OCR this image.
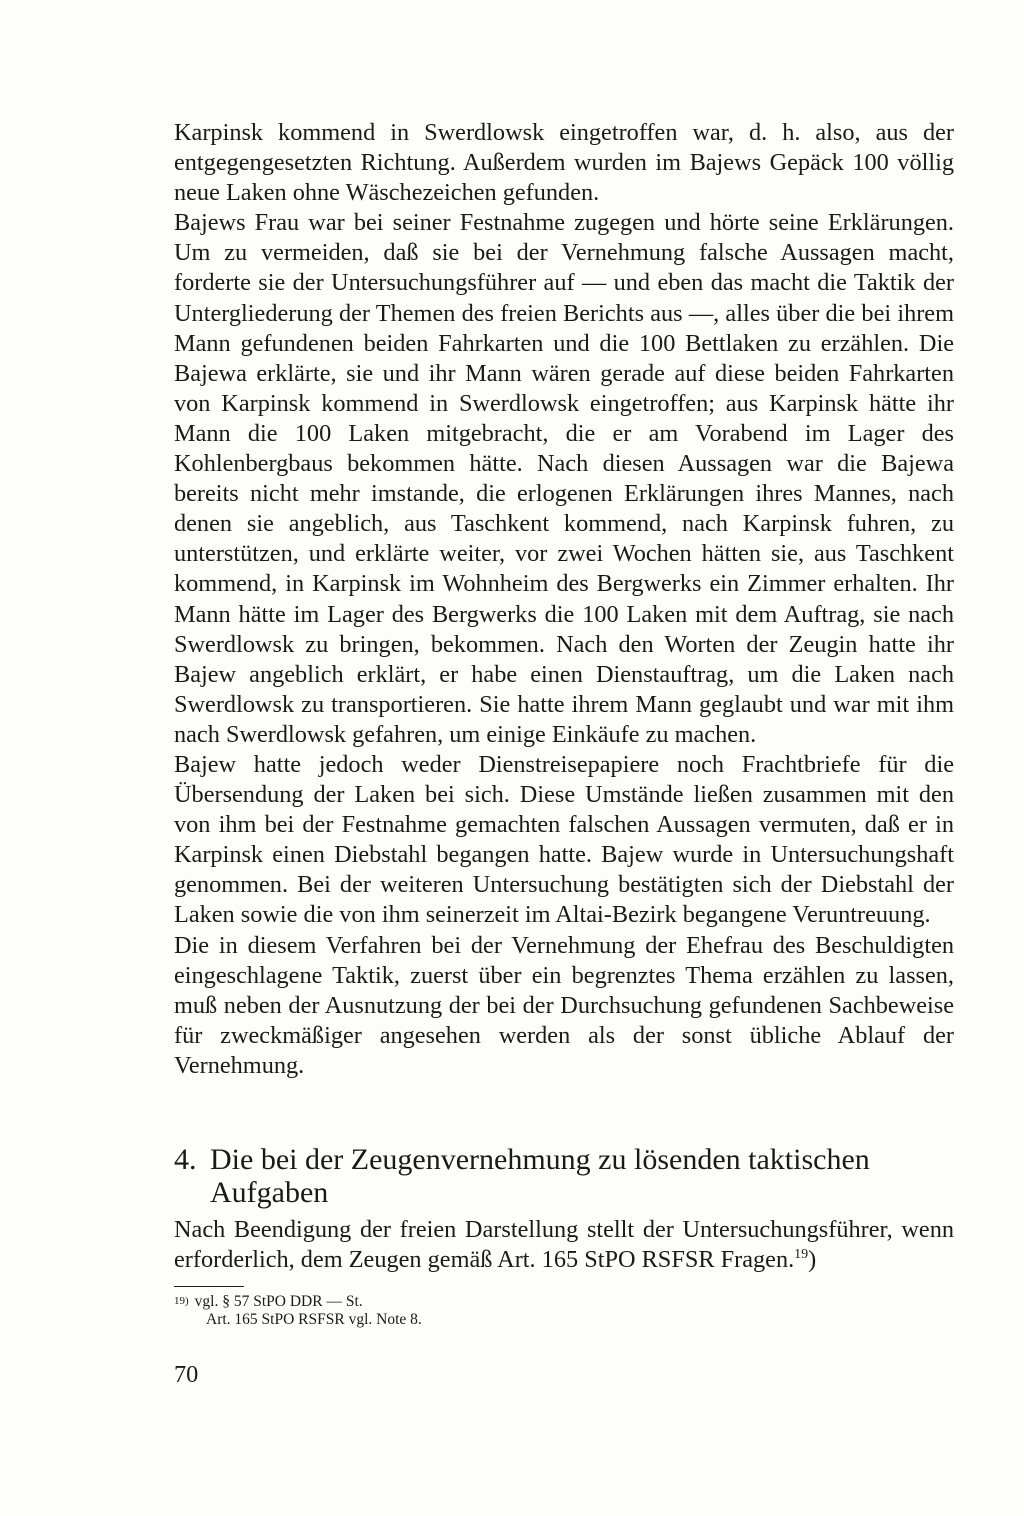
Karpinsk kommend in Swerdlowsk eingetroffen war, d. h. also, aus der entgegengesetzten Richtung. Außerdem wurden im Bajews Gepäck 100 völlig neue Laken ohne Wäschezeichen gefunden.

Bajews Frau war bei seiner Festnahme zugegen und hörte seine Erklärungen. Um zu vermeiden, daß sie bei der Vernehmung falsche Aussagen macht, forderte sie der Untersuchungsführer auf — und eben das macht die Taktik der Untergliederung der Themen des freien Berichts aus —, alles über die bei ihrem Mann gefundenen beiden Fahrkarten und die 100 Bettlaken zu erzählen. Die Bajewa erklärte, sie und ihr Mann wären gerade auf diese beiden Fahrkarten von Karpinsk kommend in Swerdlowsk eingetroffen; aus Karpinsk hätte ihr Mann die 100 Laken mitgebracht, die er am Vorabend im Lager des Kohlenbergbaus bekommen hätte. Nach diesen Aussagen war die Bajewa bereits nicht mehr imstande, die erlogenen Erklärungen ihres Mannes, nach denen sie angeblich, aus Taschkent kommend, nach Karpinsk fuhren, zu unterstützen, und erklärte weiter, vor zwei Wochen hätten sie, aus Taschkent kommend, in Karpinsk im Wohnheim des Bergwerks ein Zimmer erhalten. Ihr Mann hätte im Lager des Bergwerks die 100 Laken mit dem Auftrag, sie nach Swerdlowsk zu bringen, bekommen. Nach den Worten der Zeugin hatte ihr Bajew angeblich erklärt, er habe einen Dienstauftrag, um die Laken nach Swerdlowsk zu transportieren. Sie hatte ihrem Mann geglaubt und war mit ihm nach Swerdlowsk gefahren, um einige Einkäufe zu machen.

Bajew hatte jedoch weder Dienstreisepapiere noch Frachtbriefe für die Übersendung der Laken bei sich. Diese Umstände ließen zusammen mit den von ihm bei der Festnahme gemachten falschen Aussagen vermuten, daß er in Karpinsk einen Diebstahl begangen hatte. Bajew wurde in Untersuchungshaft genommen. Bei der weiteren Untersuchung bestätigten sich der Diebstahl der Laken sowie die von ihm seinerzeit im Altai-Bezirk begangene Veruntreuung.

Die in diesem Verfahren bei der Vernehmung der Ehefrau des Beschuldigten eingeschlagene Taktik, zuerst über ein begrenztes Thema erzählen zu lassen, muß neben der Ausnutzung der bei der Durchsuchung gefundenen Sachbeweise für zweckmäßiger angesehen werden als der sonst übliche Ablauf der Vernehmung.

4. Die bei der Zeugenvernehmung zu lösenden taktischen Aufgaben
Nach Beendigung der freien Darstellung stellt der Untersuchungsführer, wenn erforderlich, dem Zeugen gemäß Art. 165 StPO RSFSR Fragen.$^{19}$)
$^{19)}$ vgl. § 57 StPO DDR — St.
Art. 165 StPO RSFSR vgl. Note 8.
70
